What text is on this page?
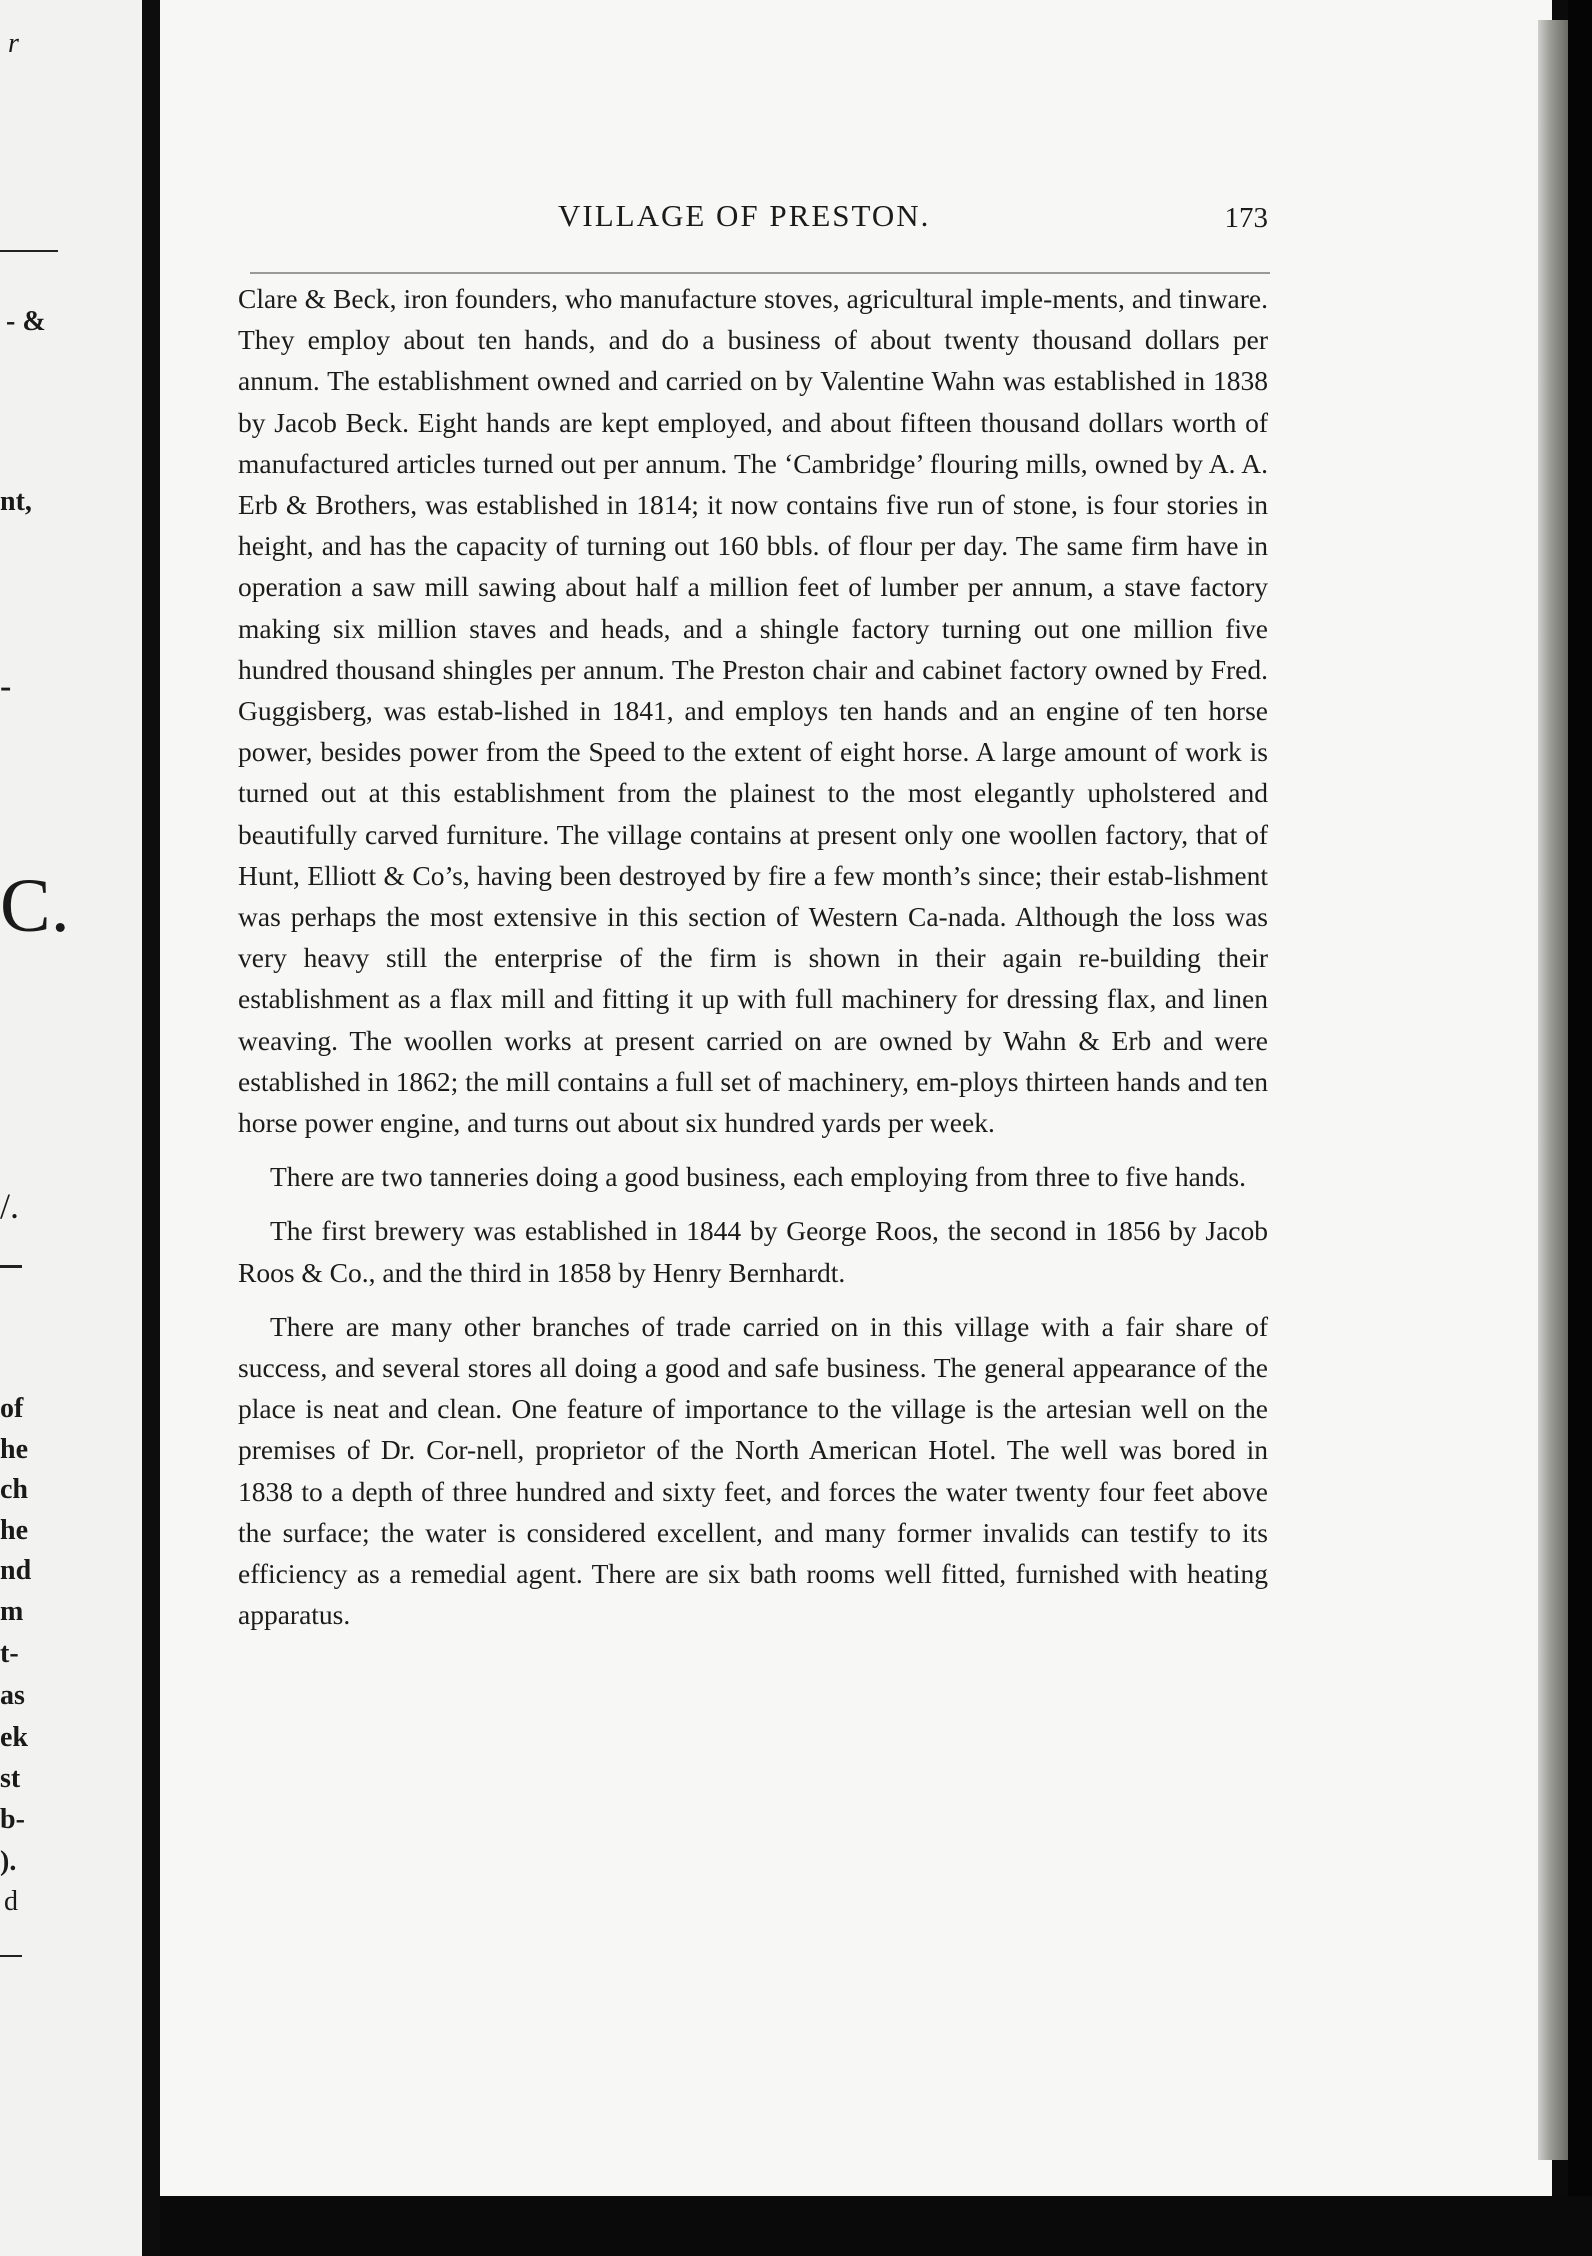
r
- &
nt,
-
C.
/.
of
he
ch
he
nd
m
t-
as
ek
st
b-
).
d
VILLAGE OF PRESTON.	173

Clare & Beck, iron founders, who manufacture stoves, agricultural imple-ments, and tinware. They employ about ten hands, and do a business of about twenty thousand dollars per annum. The establishment owned and carried on by Valentine Wahn was established in 1838 by Jacob Beck. Eight hands are kept employed, and about fifteen thousand dollars worth of manufactured articles turned out per annum. The ‘Cambridge’ flouring mills, owned by A. A. Erb & Brothers, was established in 1814; it now contains five run of stone, is four stories in height, and has the capacity of turning out 160 bbls. of flour per day. The same firm have in operation a saw mill sawing about half a million feet of lumber per annum, a stave factory making six million staves and heads, and a shingle factory turning out one million five hundred thousand shingles per annum. The Preston chair and cabinet factory owned by Fred. Guggisberg, was estab-lished in 1841, and employs ten hands and an engine of ten horse power, besides power from the Speed to the extent of eight horse. A large amount of work is turned out at this establishment from the plainest to the most elegantly upholstered and beautifully carved furniture. The village contains at present only one woollen factory, that of Hunt, Elliott & Co’s, having been destroyed by fire a few month’s since; their estab-lishment was perhaps the most extensive in this section of Western Ca-nada. Although the loss was very heavy still the enterprise of the firm is shown in their again re-building their establishment as a flax mill and fitting it up with full machinery for dressing flax, and linen weaving. The woollen works at present carried on are owned by Wahn & Erb and were established in 1862; the mill contains a full set of machinery, em-ploys thirteen hands and ten horse power engine, and turns out about six hundred yards per week.

There are two tanneries doing a good business, each employing from three to five hands.

The first brewery was established in 1844 by George Roos, the second in 1856 by Jacob Roos & Co., and the third in 1858 by Henry Bernhardt.

There are many other branches of trade carried on in this village with a fair share of success, and several stores all doing a good and safe business. The general appearance of the place is neat and clean. One feature of importance to the village is the artesian well on the premises of Dr. Cor-nell, proprietor of the North American Hotel. The well was bored in 1838 to a depth of three hundred and sixty feet, and forces the water twenty four feet above the surface; the water is considered excellent, and many former invalids can testify to its efficiency as a remedial agent. There are six bath rooms well fitted, furnished with heating apparatus.
